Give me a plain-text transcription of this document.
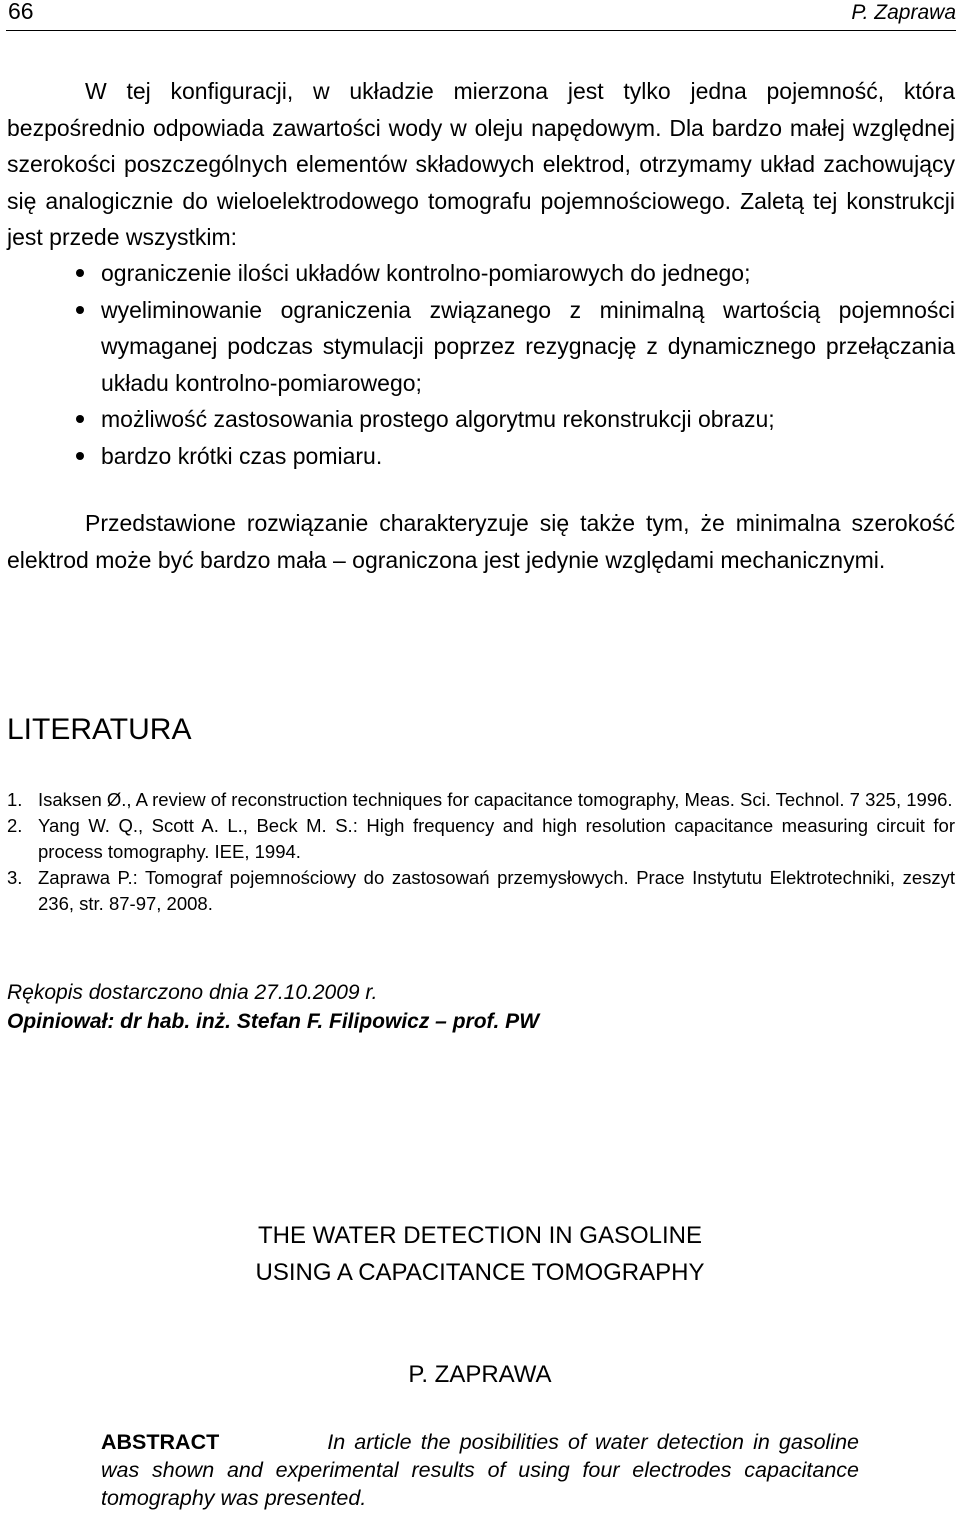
66	P. Zaprawa

W tej konfiguracji, w układzie mierzona jest tylko jedna pojemność, która bezpośrednio odpowiada zawartości wody w oleju napędowym. Dla bardzo małej względnej szerokości poszczególnych elementów składowych elektrod, otrzymamy układ zachowujący się analogicznie do wieloelektrodowego tomografu pojemnościowego. Zaletą tej konstrukcji jest przede wszystkim:

ograniczenie ilości układów kontrolno-pomiarowych do jednego;
wyeliminowanie ograniczenia związanego z minimalną wartością pojemności wymaganej podczas stymulacji poprzez rezygnację z dynamicznego przełączania układu kontrolno-pomiarowego;
możliwość zastosowania prostego algorytmu rekonstrukcji obrazu;
bardzo krótki czas pomiaru.

Przedstawione rozwiązanie charakteryzuje się także tym, że minimalna szerokość elektrod może być bardzo mała – ograniczona jest jedynie względami mechanicznymi.

LITERATURA
1. Isaksen Ø., A review of reconstruction techniques for capacitance tomography, Meas. Sci. Technol. 7 325, 1996.
2. Yang W. Q., Scott A. L., Beck M. S.: High frequency and high resolution capacitance measuring circuit for process tomography. IEE, 1994.
3. Zaprawa P.: Tomograf pojemnościowy do zastosowań przemysłowych. Prace Instytutu Elektrotechniki, zeszyt 236, str. 87-97, 2008.
Rękopis dostarczono dnia 27.10.2009 r.
Opiniował: dr hab. inż. Stefan F. Filipowicz – prof. PW
THE WATER DETECTION IN GASOLINE
USING A CAPACITANCE TOMOGRAPHY
P. ZAPRAWA

ABSTRACT	In article the posibilities of water detection in gasoline was shown and experimental results of using four electrodes capacitance tomography was presented.
